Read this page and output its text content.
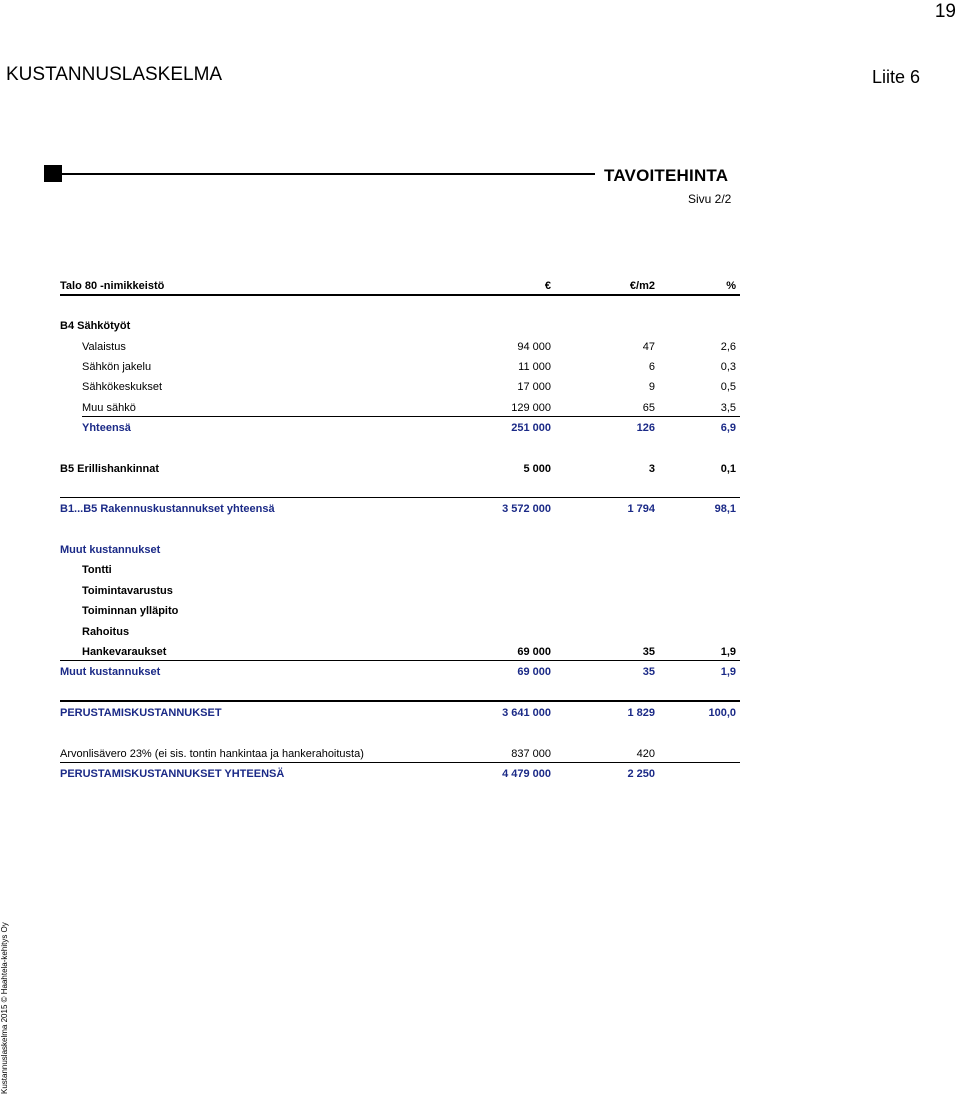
19
KUSTANNUSLASKELMA	Liite 6
TAVOITEHINTA
Sivu 2/2
Talo 80 -nimikkeistö	€	€/m2	%
B4 Sähkötyöt
Valaistus	94 000	47	2,6
Sähkön jakelu	11 000	6	0,3
Sähkökeskukset	17 000	9	0,5
Muu sähkö	129 000	65	3,5
Yhteensä	251 000	126	6,9
B5 Erillishankinnat	5 000	3	0,1
B1...B5 Rakennuskustannukset yhteensä	3 572 000	1 794	98,1
Muut kustannukset
Tontti
Toimintavarustus
Toiminnan ylläpito
Rahoitus
Hankevaraukset	69 000	35	1,9
Muut kustannukset	69 000	35	1,9
PERUSTAMISKUSTANNUKSET	3 641 000	1 829	100,0
Arvonlisävero 23% (ei sis. tontin hankintaa ja hankerahoitusta)	837 000	420
PERUSTAMISKUSTANNUKSET YHTEENSÄ	4 479 000	2 250
Kustannuslaskelma 2015 © Haahtela-kehitys Oy
